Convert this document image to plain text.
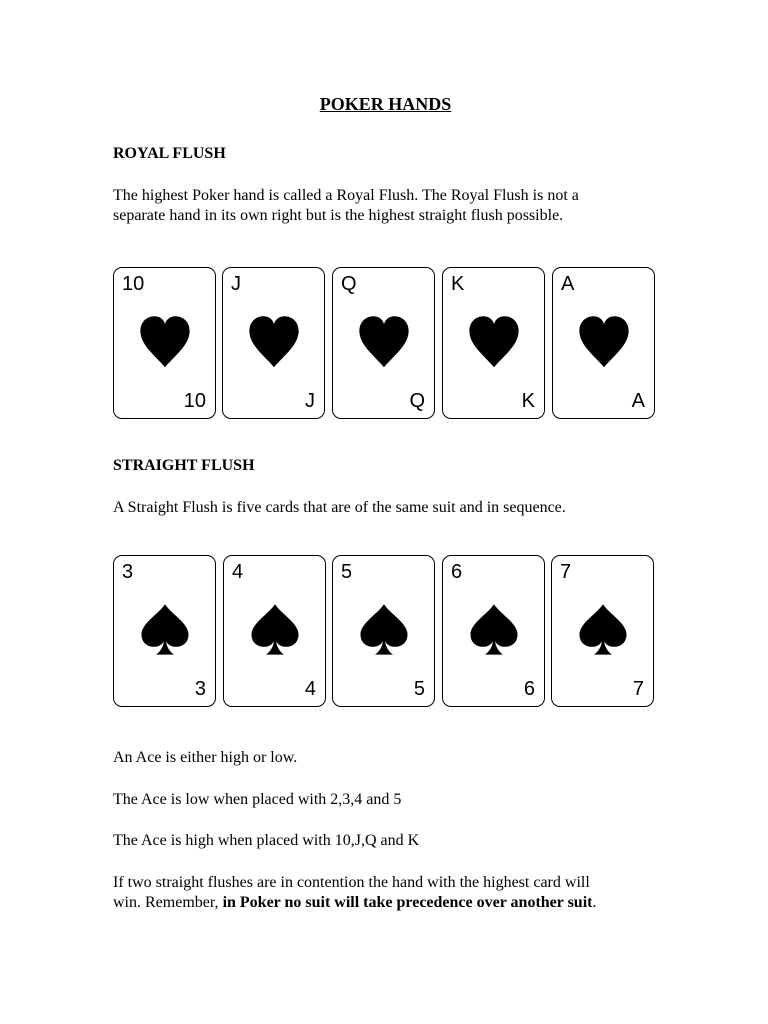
POKER HANDS
ROYAL FLUSH
The highest Poker hand is called a Royal Flush. The Royal Flush is not a
separate hand in its own right but is the highest straight flush possible.
10
10
J
J
Q
Q
K
K
A
A
STRAIGHT FLUSH

A Straight Flush is five cards that are of the same suit and in sequence.

3
3
4
4
5
5
6
6
7
7

An Ace is either high or low.

The Ace is low when placed with 2,3,4 and 5

The Ace is high when placed with 10,J,Q and K

If two straight flushes are in contention the hand with the highest card will
win. Remember, in Poker no suit will take precedence over another suit.
